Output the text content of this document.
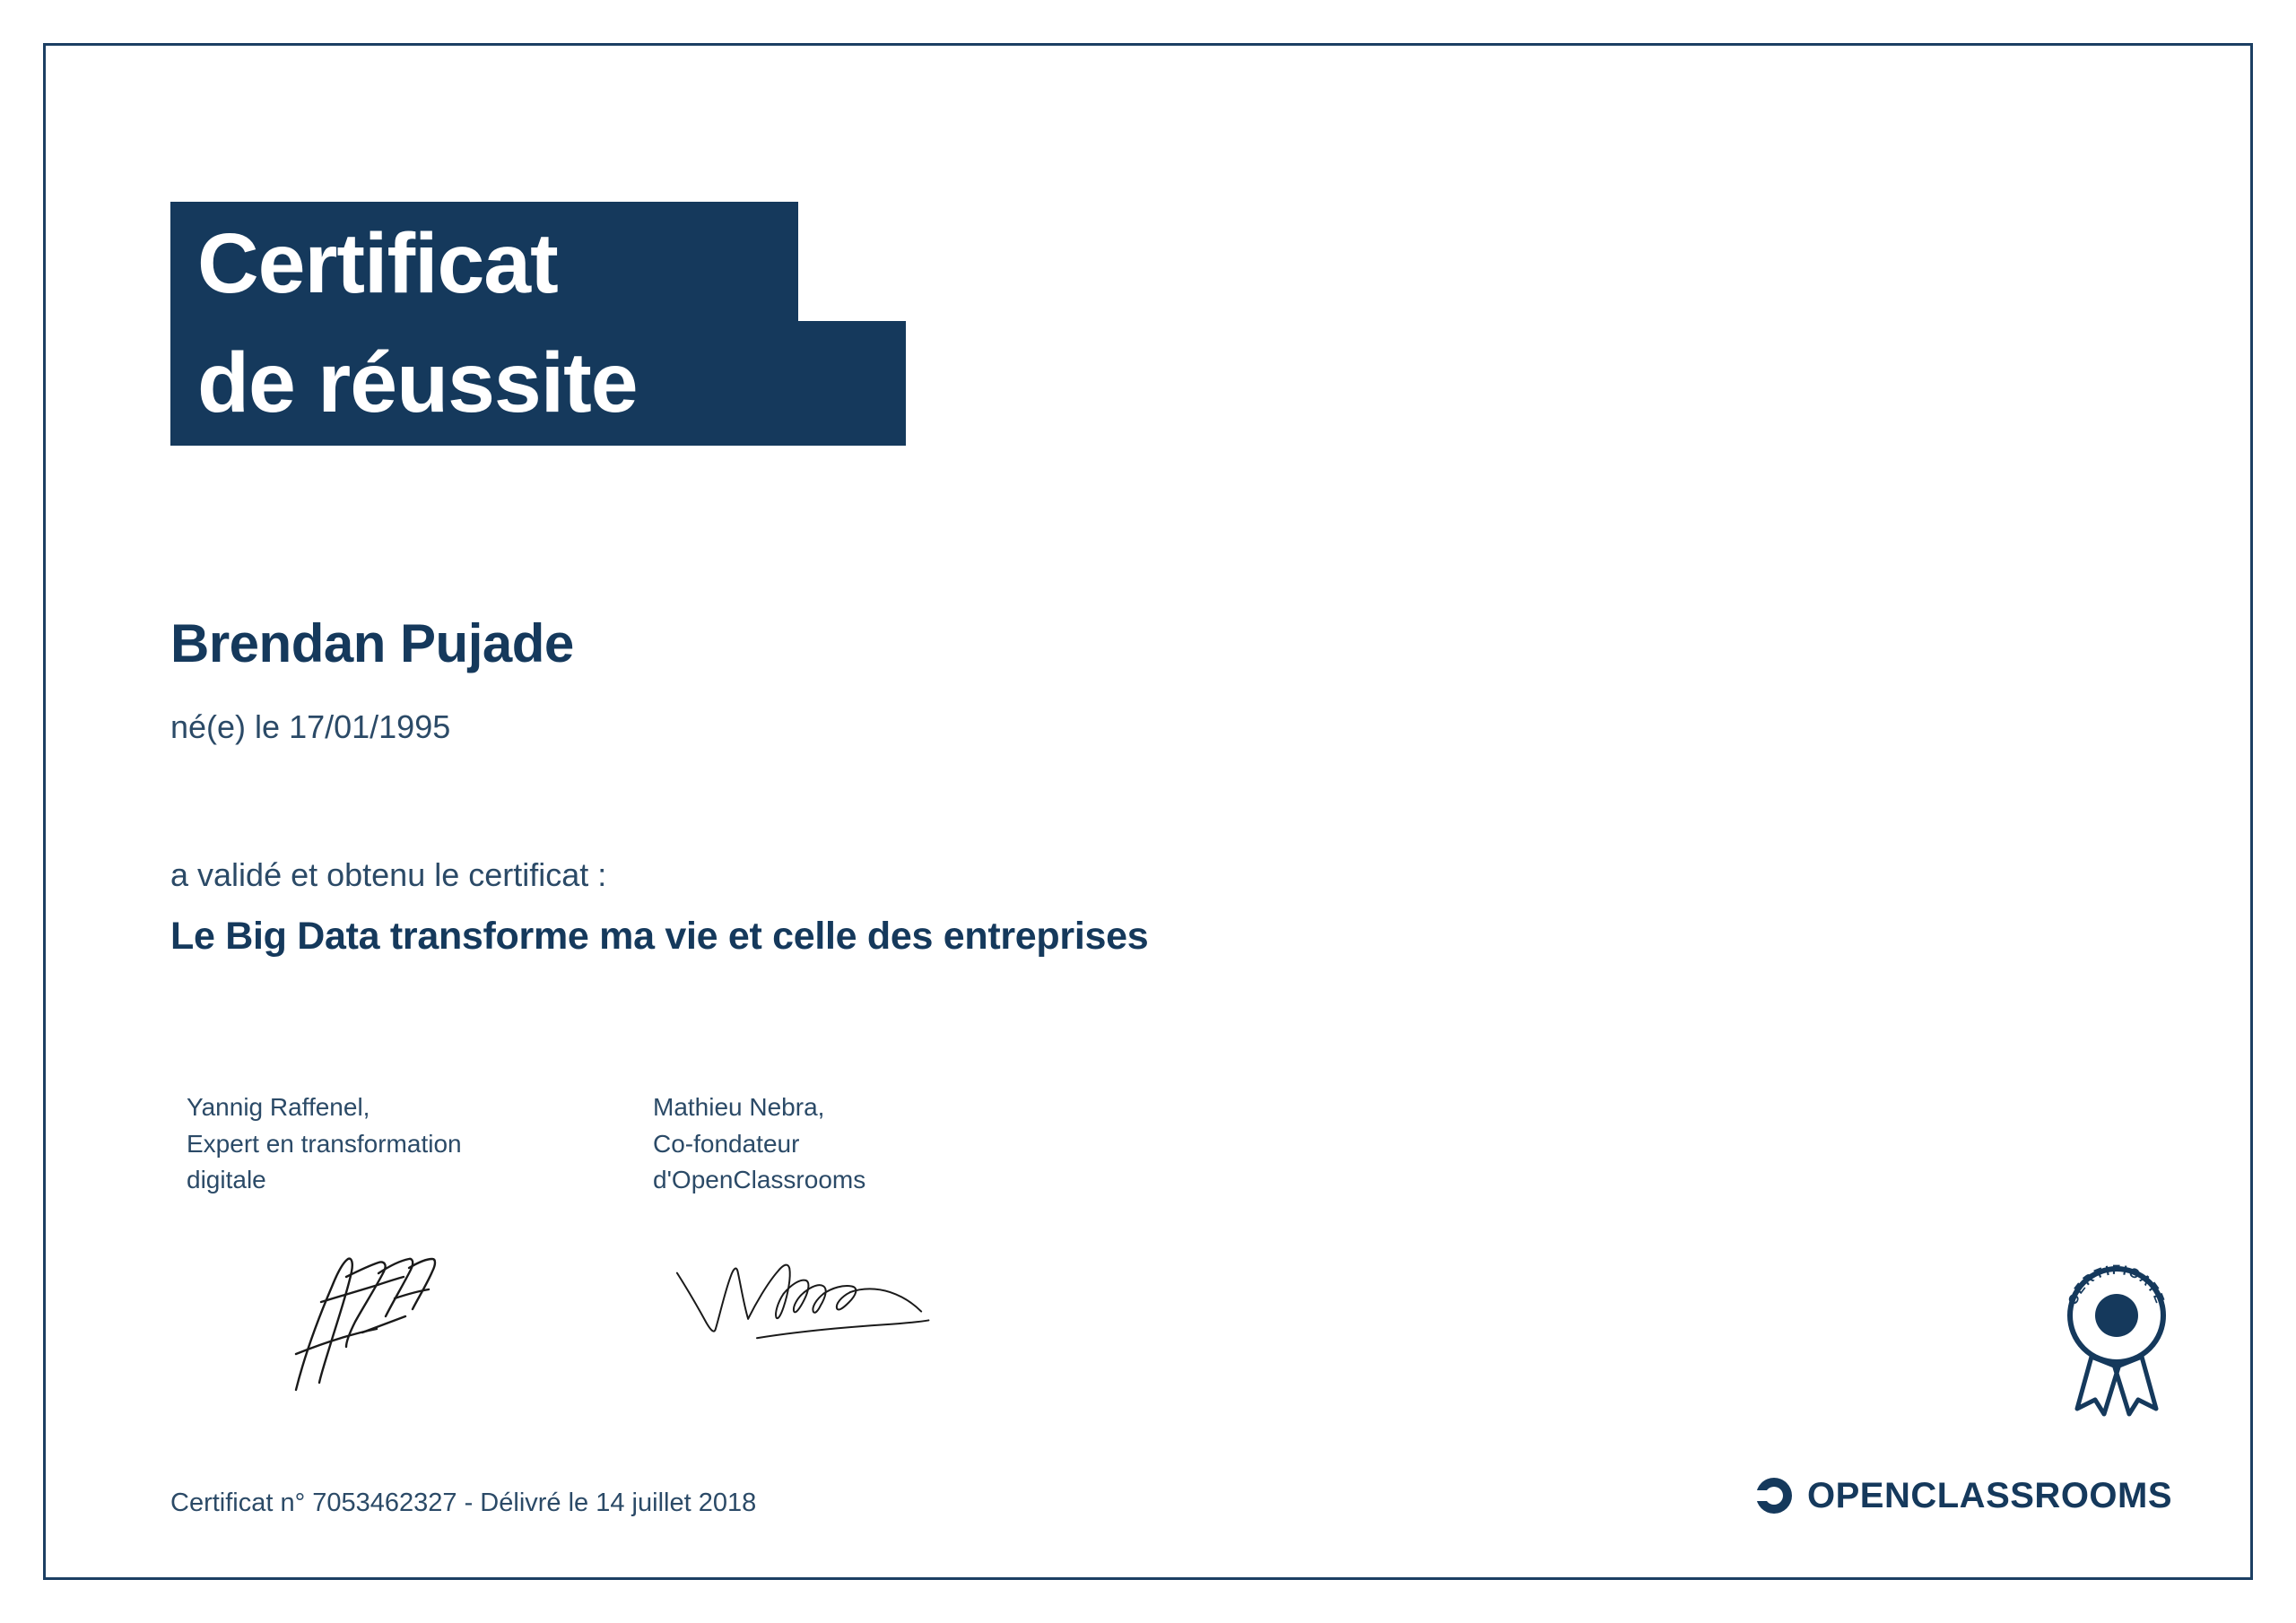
Certificat de réussite
Brendan Pujade
né(e) le 17/01/1995
a validé et obtenu le certificat :
Le Big Data transforme ma vie et celle des entreprises
Yannig Raffenel,
Expert en transformation
digitale
Mathieu Nebra,
Co-fondateur
d'OpenClassrooms
Certificat n° 7053462327 - Délivré le 14 juillet 2018
CERTIFICATE
OPENCLASSROOMS
